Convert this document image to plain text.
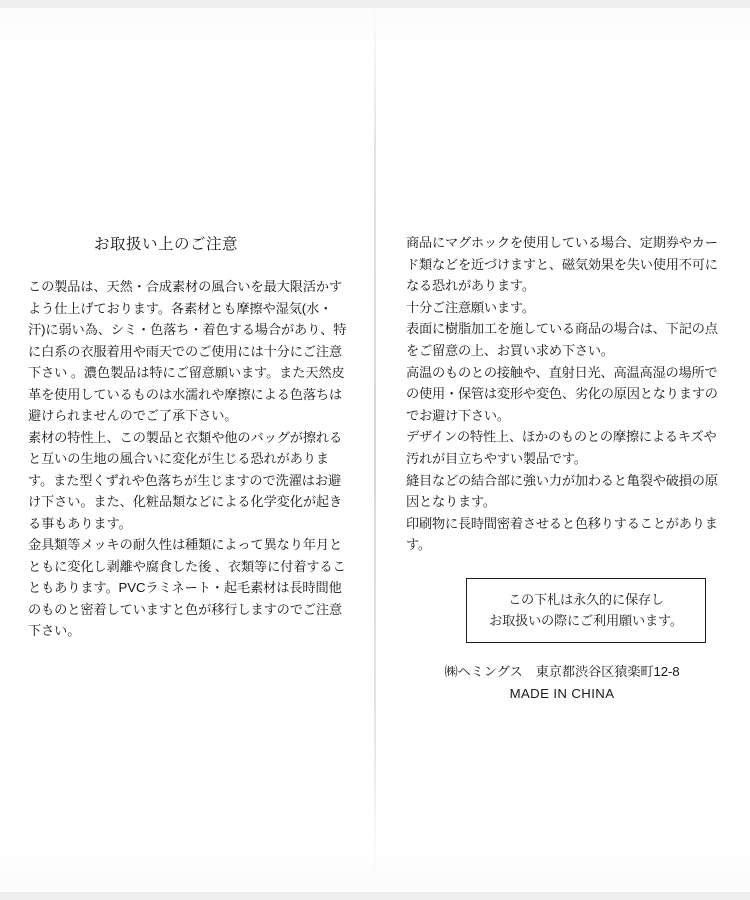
お取扱い上のご注意

この製品は、天然・合成素材の風合いを最大限活かすよう仕上げております。各素材とも摩擦や湿気(水・汗)に弱い為、シミ・色落ち・着色する場合があり、特に白系の衣服着用や雨天でのご使用には十分にご注意下さい 。濃色製品は特にご留意願います。また天然皮革を使用しているものは水濡れや摩擦による色落ちは避けられませんのでご了承下さい。

素材の特性上、この製品と衣類や他のバッグが擦れると互いの生地の風合いに変化が生じる恐れがあります。また型くずれや色落ちが生じますので洗濯はお避け下さい。また、化粧品類などによる化学変化が起きる事もあります。

金具類等メッキの耐久性は種類によって異なり年月とともに変化し剥離や腐食した後 、衣類等に付着することもあります。PVCラミネート・起毛素材は長時間他のものと密着していますと色が移行しますのでご注意下さい。

商品にマグホックを使用している場合、定期券やカード類などを近づけますと、磁気効果を失い使用不可になる恐れがあります。

十分ご注意願います。

表面に樹脂加工を施している商品の場合は、下記の点をご留意の上、お買い求め下さい。

高温のものとの接触や、直射日光、高温高湿の場所での使用・保管は変形や変色、劣化の原因となりますのでお避け下さい。

デザインの特性上、ほかのものとの摩擦によるキズや汚れが目立ちやすい製品です。

縫目などの結合部に強い力が加わると亀裂や破損の原因となります。

印刷物に長時間密着させると色移りすることがあります。

この下札は永久的に保存し

お取扱いの際にご利用願います。

㈱ヘミングス　東京都渋谷区猿楽町12-8
MADE IN CHINA
